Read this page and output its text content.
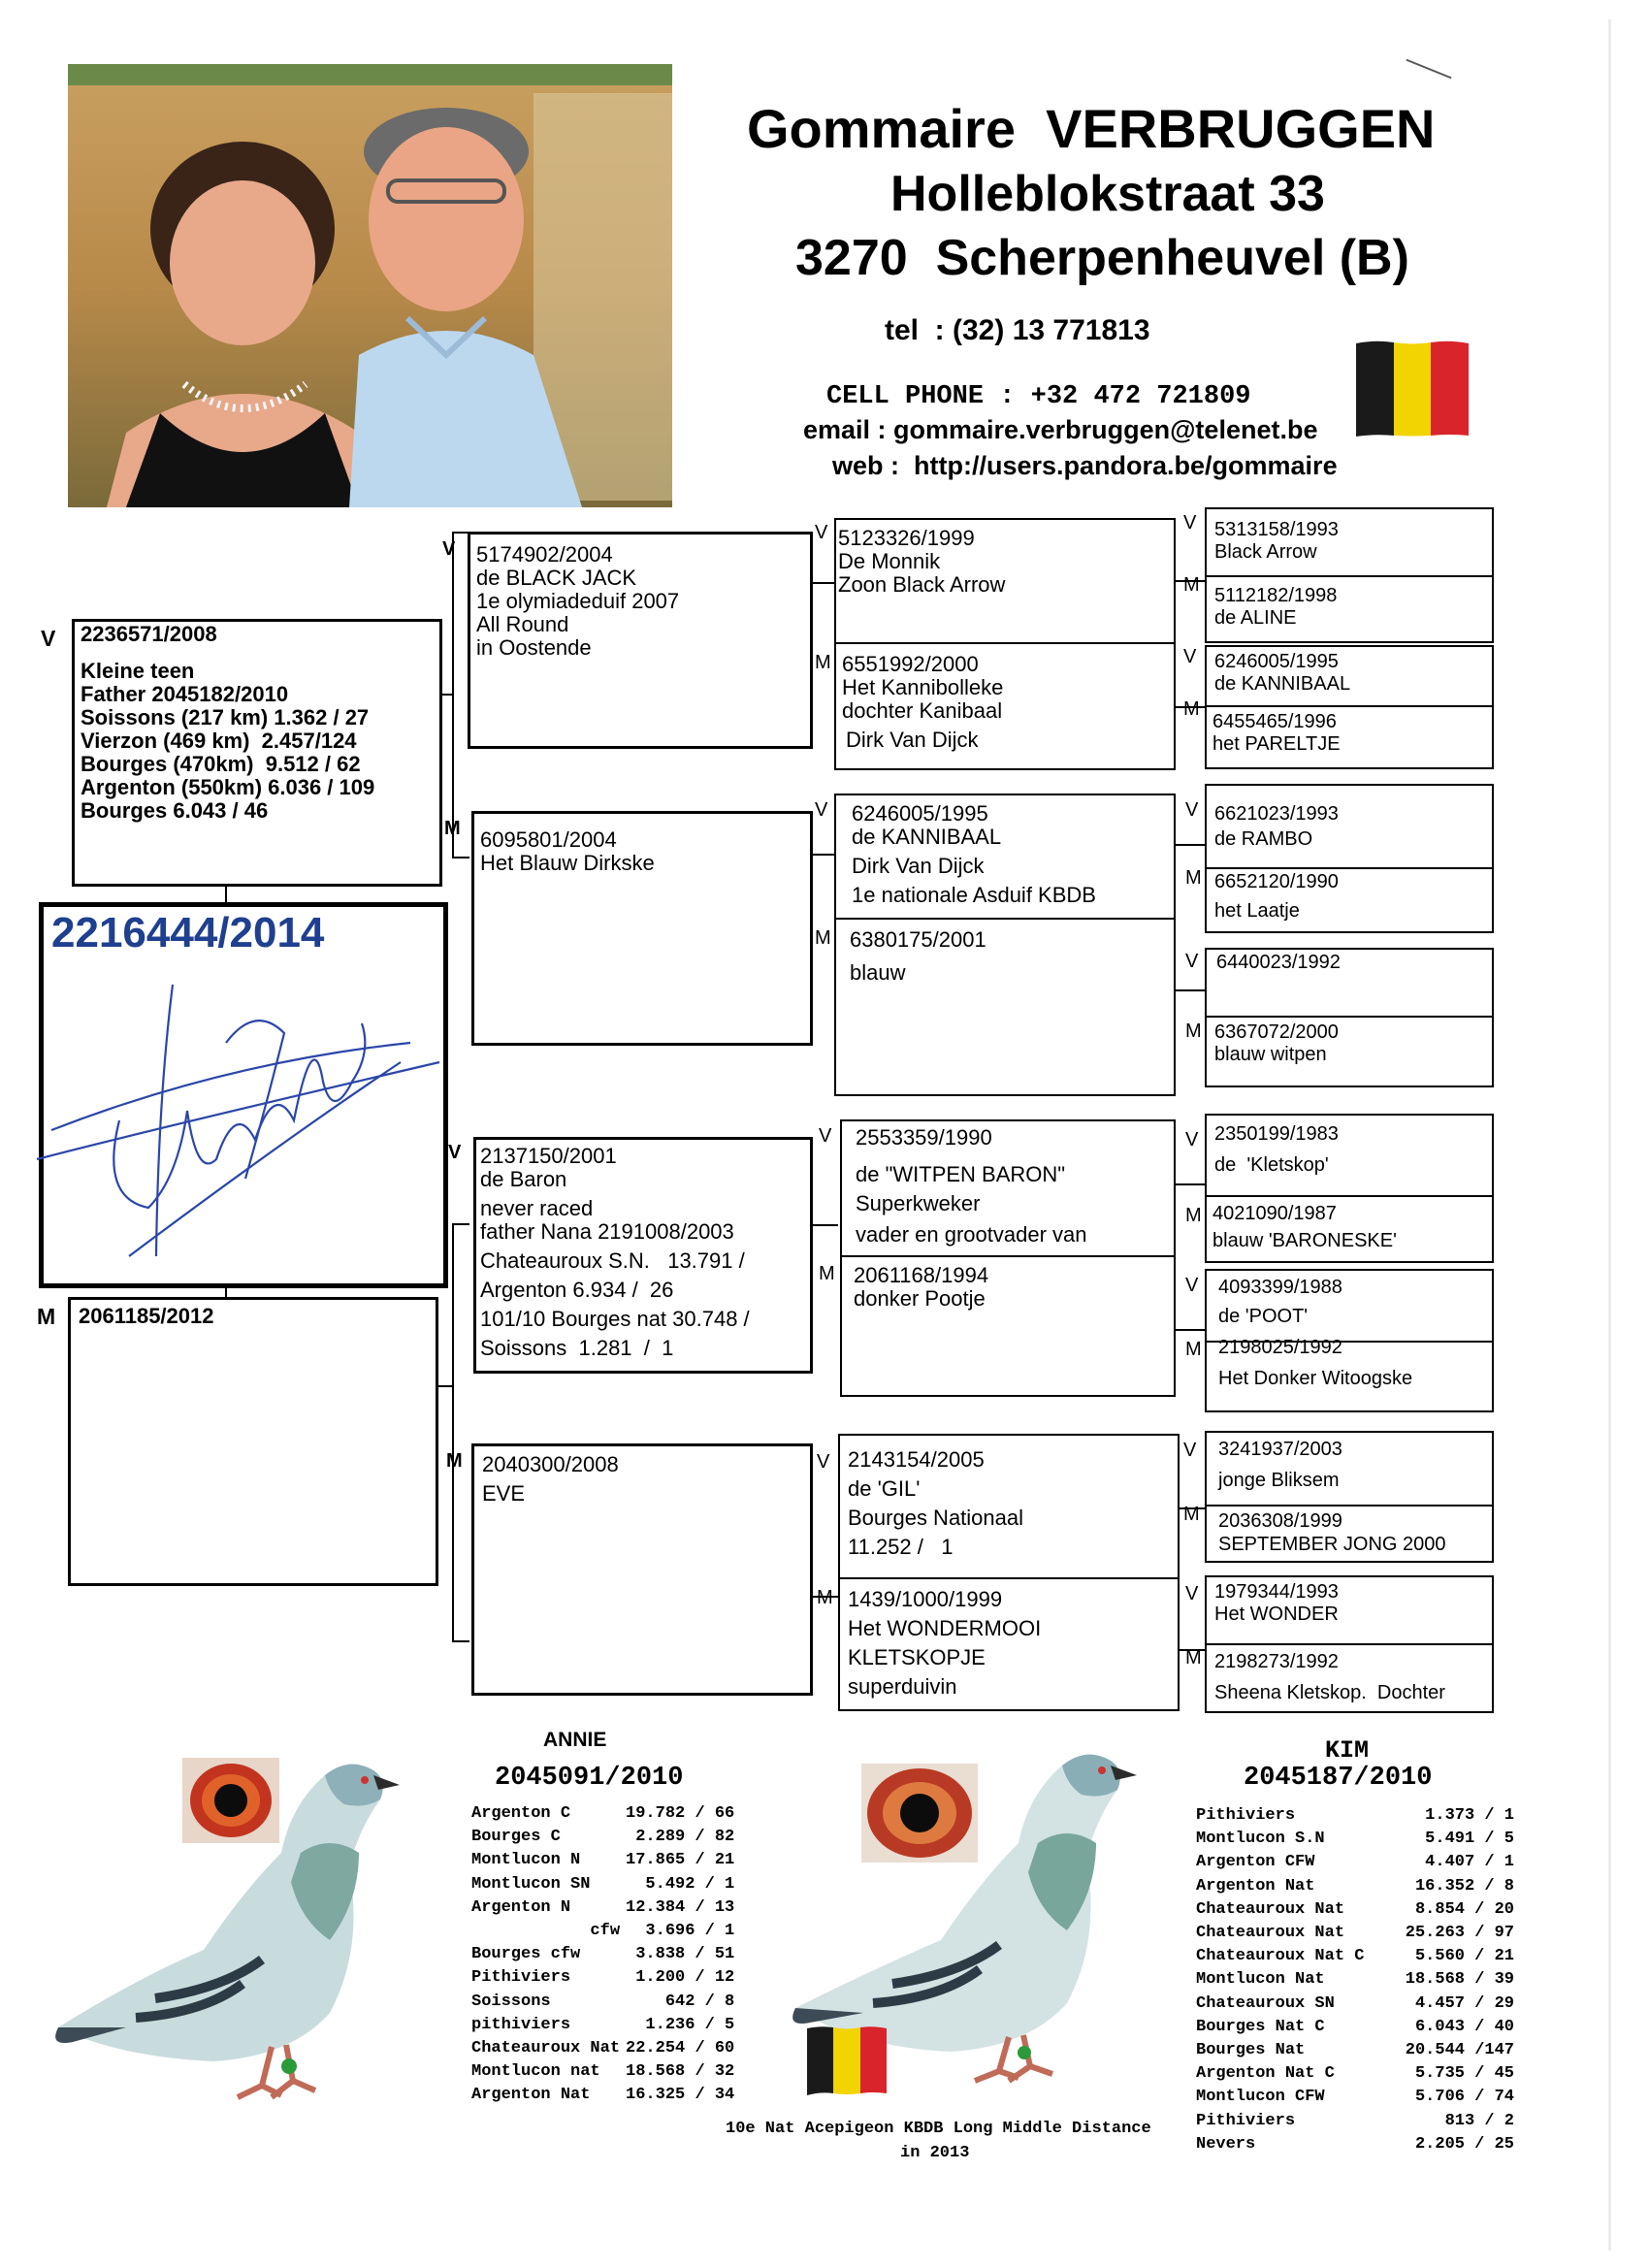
Gommaire  VERBRUGGEN
Holleblokstraat 33
3270  Scherpenheuvel (B)
tel  : (32) 13 771813
CELL PHONE : +32 472 721809
email : gommaire.verbruggen@telenet.be
web :  http://users.pandora.be/gommaire
V 2236571/2008
Kleine teen
Father 2045182/2010
Soissons (217 km) 1.362 / 27
Vierzon (469 km)  2.457/124
Bourges (470km)  9.512 / 62
Argenton (550km) 6.036 / 109
Bourges 6.043 / 46
2216444/2014
M 2061185/2012
V 5174902/2004
de BLACK JACK
1e olymiadeduif 2007
All Round
in Oostende
M 6095801/2004
Het Blauw Dirkske
V 2137150/2001
de Baron
never raced
father Nana 2191008/2003
Chateauroux S.N.   13.791 /
Argenton 6.934 /  26
101/10 Bourges nat 30.748 /
Soissons  1.281  /  1
M 2040300/2008
EVE
V 5123326/1999
De Monnik
Zoon Black Arrow
M 6551992/2000
Het Kannibolleke
dochter Kanibaal
Dirk Van Dijck
V 6246005/1995
de KANNIBAAL
Dirk Van Dijck
1e nationale Asduif KBDB
M 6380175/2001
blauw
V 2553359/1990
de "WITPEN BARON"
Superkweker
vader en grootvader van
M 2061168/1994
donker Pootje
V 2143154/2005
de 'GIL'
Bourges Nationaal
11.252 /   1
M 1439/1000/1999
Het WONDERMOOI
KLETSKOPJE
superduivin
V 5313158/1993
Black Arrow
M 5112182/1998
de ALINE
V 6246005/1995
de KANNIBAAL
M
6455465/1996
het PARELTJE
V 6621023/1993
de RAMBO
M 6652120/1990
het Laatje
V 6440023/1992
M 6367072/2000
blauw witpen
V 2350199/1983
de  'Kletskop'
M 4021090/1987
blauw 'BARONESKE'
V 4093399/1988
de 'POOT'
M 2198025/1992
Het Donker Witoogske
V 3241937/2003
jonge Bliksem
M 2036308/1999
SEPTEMBER JONG 2000
V 1979344/1993
Het WONDER
M 2198273/1992
Sheena Kletskop.  Dochter
ANNIE
2045091/2010
Argenton C	19.782 / 66
Bourges C	2.289 / 82
Montlucon N	17.865 / 21
Montlucon SN	5.492 / 1
Argenton N	12.384 / 13
cfw	3.696 / 1
Bourges cfw	3.838 / 51
Pithiviers	1.200 / 12
Soissons	642 / 8
pithiviers	1.236 / 5
Chateauroux Nat	22.254 / 60
Montlucon nat	18.568 / 32
Argenton Nat	16.325 / 34
KIM
2045187/2010
Pithiviers	1.373 / 1
Montlucon S.N	5.491 / 5
Argenton CFW	4.407 / 1
Argenton Nat	16.352 / 8
Chateauroux Nat	8.854 / 20
Chateauroux Nat	25.263 / 97
Chateauroux Nat C	5.560 / 21
Montlucon Nat	18.568 / 39
Chateauroux SN	4.457 / 29
Bourges Nat C	6.043 / 40
Bourges Nat	20.544 /147
Argenton Nat C	5.735 / 45
Montlucon CFW	5.706 / 74
Pithiviers	813 / 2
Nevers	2.205 / 25
10e Nat Acepigeon KBDB Long Middle Distance
in 2013
